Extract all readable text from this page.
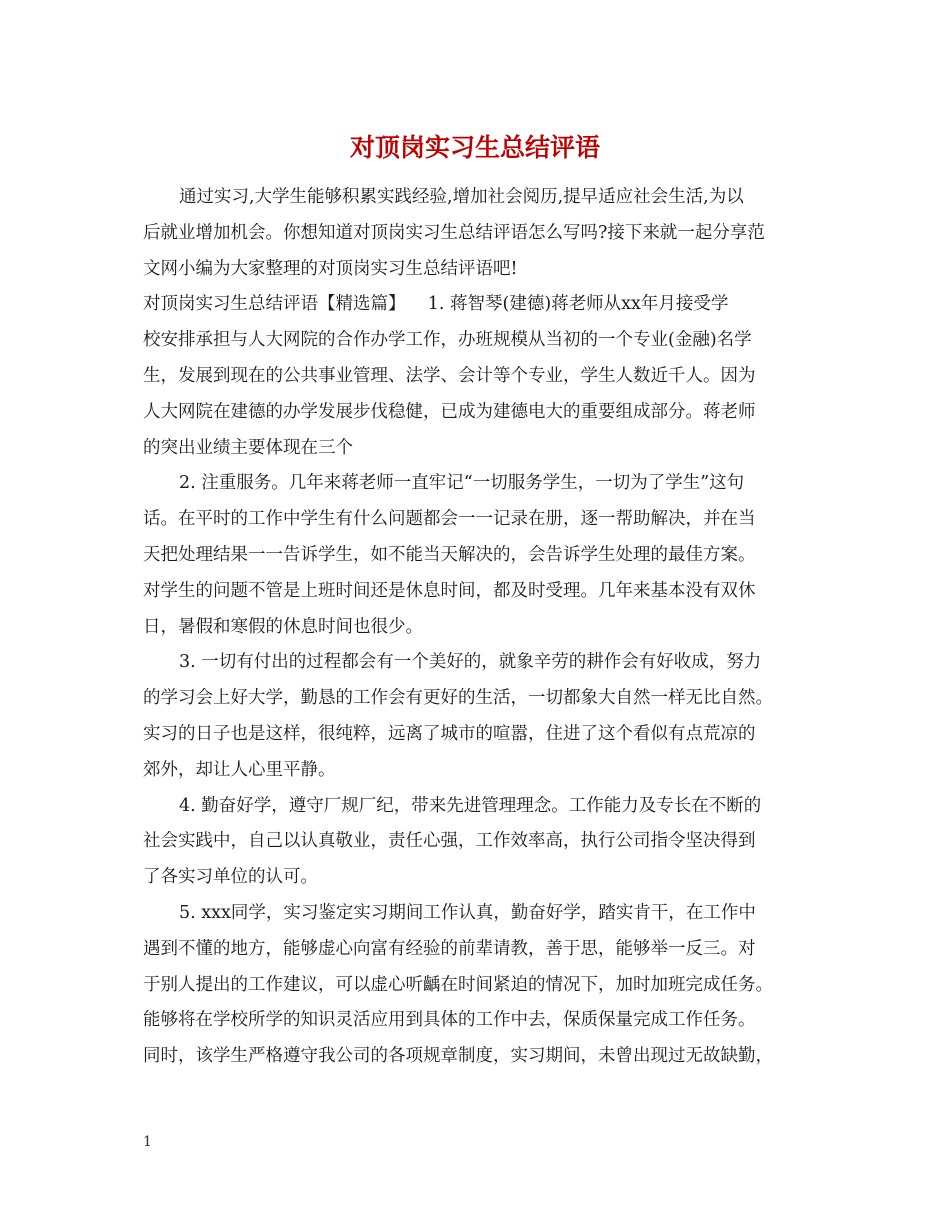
对顶岗实习生总结评语
通过实习,大学生能够积累实践经验,增加社会阅历,提早适应社会生活,为以
后就业增加机会。你想知道对顶岗实习生总结评语怎么写吗?接下来就一起分享范
文网小编为大家整理的对顶岗实习生总结评语吧!
对顶岗实习生总结评语【精选篇】    1. 蒋智琴(建德)蒋老师从xx年月接受学
校安排承担与人大网院的合作办学工作，办班规模从当初的一个专业(金融)名学
生，发展到现在的公共事业管理、法学、会计等个专业，学生人数近千人。因为
人大网院在建德的办学发展步伐稳健，已成为建德电大的重要组成部分。蒋老师
的突出业绩主要体现在三个
2. 注重服务。几年来蒋老师一直牢记“一切服务学生，一切为了学生”这句
话。在平时的工作中学生有什么问题都会一一记录在册，逐一帮助解决，并在当
天把处理结果一一告诉学生，如不能当天解决的，会告诉学生处理的最佳方案。
对学生的问题不管是上班时间还是休息时间，都及时受理。几年来基本没有双休
日，暑假和寒假的休息时间也很少。
3. 一切有付出的过程都会有一个美好的，就象辛劳的耕作会有好收成，努力
的学习会上好大学，勤恳的工作会有更好的生活，一切都象大自然一样无比自然。
实习的日子也是这样，很纯粹，远离了城市的喧嚣，住进了这个看似有点荒凉的
郊外，却让人心里平静。
4. 勤奋好学，遵守厂规厂纪，带来先进管理理念。工作能力及专长在不断的
社会实践中，自己以认真敬业，责任心强，工作效率高，执行公司指令坚决得到
了各实习单位的认可。
5. xxx同学，实习鉴定实习期间工作认真，勤奋好学，踏实肯干，在工作中
遇到不懂的地方，能够虚心向富有经验的前辈请教，善于思，能够举一反三。对
于别人提出的工作建议，可以虚心听齲在时间紧迫的情况下，加时加班完成任务。
能够将在学校所学的知识灵活应用到具体的工作中去，保质保量完成工作任务。
同时，该学生严格遵守我公司的各项规章制度，实习期间，未曾出现过无故缺勤，
1
